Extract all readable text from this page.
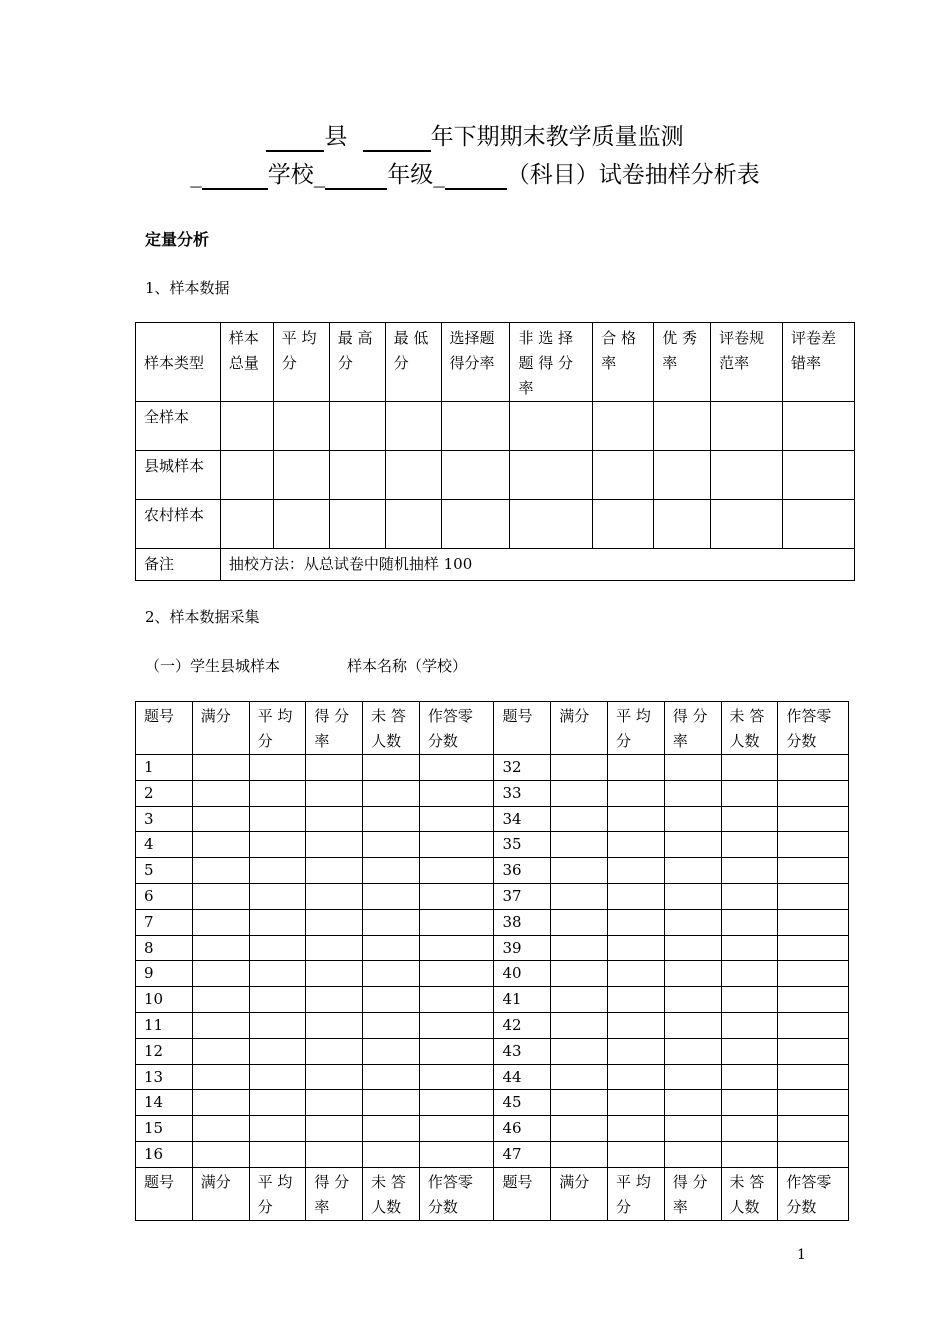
县	年下期期末教学质量监测
_	学校_	年级_	（科目）试卷抽样分析表
定量分析
1、样本数据
样本类型	样本总量	平 均分	最 高分	最 低分	选择题得分率	非 选 择题 得 分率	合 格率	优 秀率	评卷规范率	评卷差错率
全样本										
县城样本										
农村样本										
备注	抽校方法：从总试卷中随机抽样 100									
2、样本数据采集
（一）学生县城样本	样本名称（学校）
题号	满分	平 均分	得 分率	未 答人数	作答零分数	题号	满分	平 均分	得 分率	未 答人数	作答零分数
1						32					
2						33					
3						34					
4						35					
5						36					
6						37					
7						38					
8						39					
9						40					
10						41					
11						42					
12						43					
13						44					
14						45					
15						46					
16						47					
题号	满分	平 均分	得 分率	未 答人数	作答零分数	题号	满分	平 均分	得 分率	未 答人数	作答零分数
1
